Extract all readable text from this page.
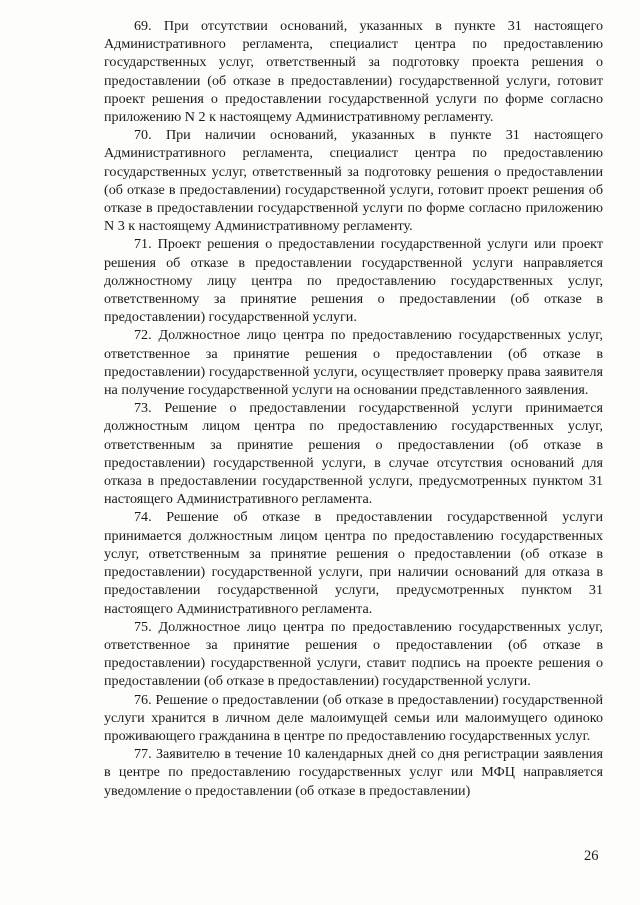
69. При отсутствии оснований, указанных в пункте 31 настоящего Административного регламента, специалист центра по предоставлению государственных услуг, ответственный за подготовку проекта решения о предоставлении (об отказе в предоставлении) государственной услуги, готовит проект решения о предоставлении государственной услуги по форме согласно приложению N 2 к настоящему Административному регламенту.

70. При наличии оснований, указанных в пункте 31 настоящего Административного регламента, специалист центра по предоставлению государственных услуг, ответственный за подготовку решения о предоставлении (об отказе в предоставлении) государственной услуги, готовит проект решения об отказе в предоставлении государственной услуги по форме согласно приложению N 3 к настоящему Административному регламенту.

71. Проект решения о предоставлении государственной услуги или проект решения об отказе в предоставлении государственной услуги направляется должностному лицу центра по предоставлению государственных услуг, ответственному за принятие решения о предоставлении (об отказе в предоставлении) государственной услуги.

72. Должностное лицо центра по предоставлению государственных услуг, ответственное за принятие решения о предоставлении (об отказе в предоставлении) государственной услуги, осуществляет проверку права заявителя на получение государственной услуги на основании представленного заявления.

73. Решение о предоставлении государственной услуги принимается должностным лицом центра по предоставлению государственных услуг, ответственным за принятие решения о предоставлении (об отказе в предоставлении) государственной услуги, в случае отсутствия оснований для отказа в предоставлении государственной услуги, предусмотренных пунктом 31 настоящего Административного регламента.

74. Решение об отказе в предоставлении государственной услуги принимается должностным лицом центра по предоставлению государственных услуг, ответственным за принятие решения о предоставлении (об отказе в предоставлении) государственной услуги, при наличии оснований для отказа в предоставлении государственной услуги, предусмотренных пунктом 31 настоящего Административного регламента.

75. Должностное лицо центра по предоставлению государственных услуг, ответственное за принятие решения о предоставлении (об отказе в предоставлении) государственной услуги, ставит подпись на проекте решения о предоставлении (об отказе в предоставлении) государственной услуги.

76. Решение о предоставлении (об отказе в предоставлении) государственной услуги хранится в личном деле малоимущей семьи или малоимущего одиноко проживающего гражданина в центре по предоставлению государственных услуг.

77. Заявителю в течение 10 календарных дней со дня регистрации заявления в центре по предоставлению государственных услуг или МФЦ направляется уведомление о предоставлении (об отказе в предоставлении)

26
